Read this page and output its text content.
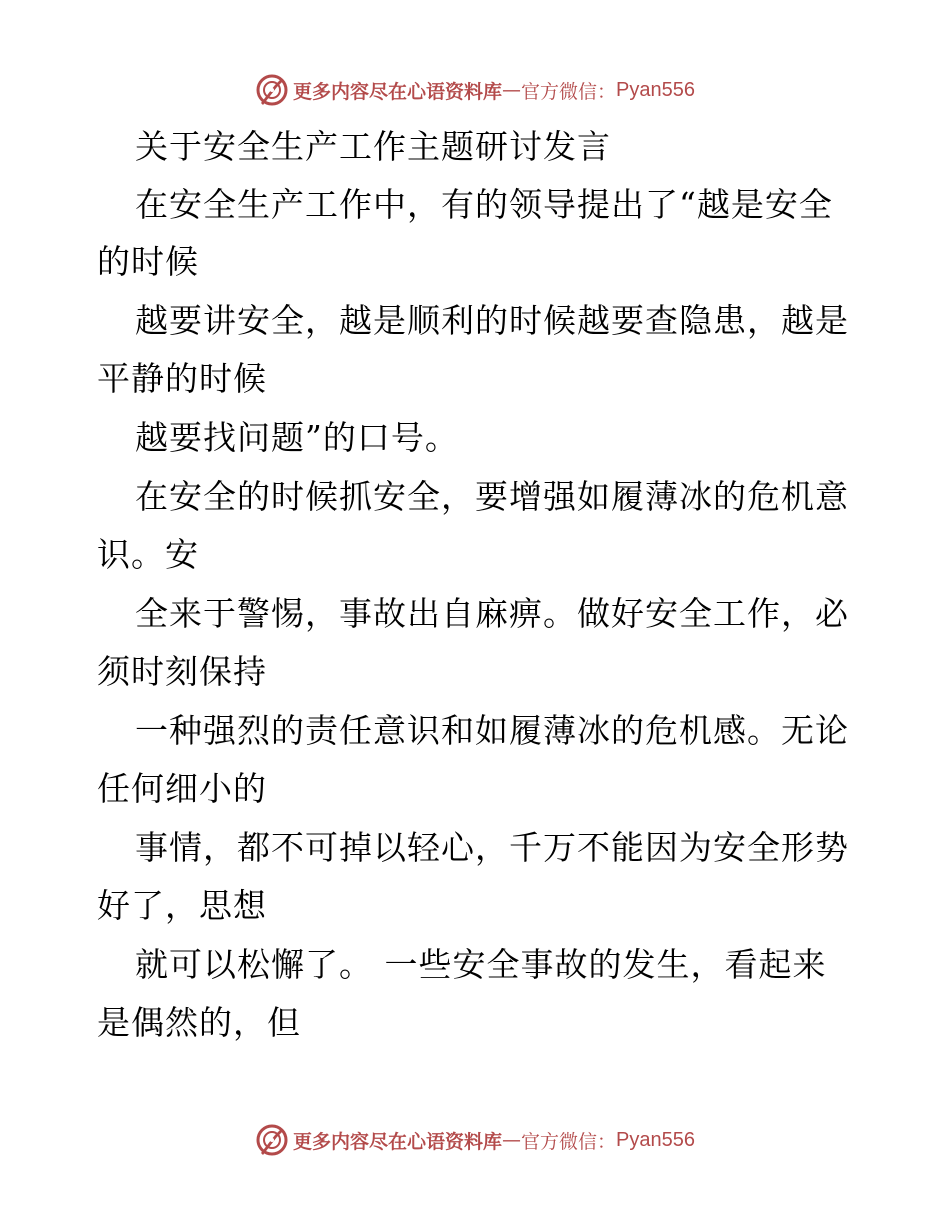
更多内容尽在心语资料库 — 官方微信： Pyan556
关于安全生产工作主题研讨发言
在安全生产工作中，有的领导提出了“越是安全
的时候
越要讲安全，越是顺利的时候越要查隐患，越是
平静的时候
越要找问题”的口号。
在安全的时候抓安全，要增强如履薄冰的危机意
识。安
全来于警惕，事故出自麻痹。做好安全工作，必
须时刻保持
一种强烈的责任意识和如履薄冰的危机感。无论
任何细小的
事情，都不可掉以轻心，千万不能因为安全形势
好了，思想
就可以松懈了。 一些安全事故的发生，看起来
是偶然的，但
更多内容尽在心语资料库 — 官方微信： Pyan556
